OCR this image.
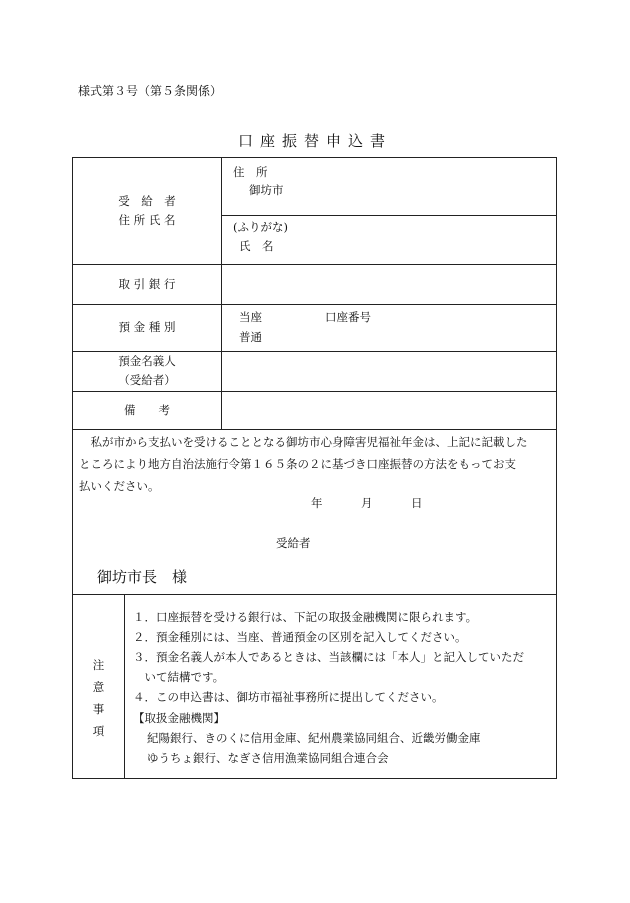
様式第３号（第５条関係）
口座振替申込書
受　給　者
住 所 氏 名
住　所
御坊市
(ふりがな)
氏　名
取 引 銀 行
預 金 種 別
当座
普通
口座番号
預金名義人
（受給者）
備　　考
　私が市から支払いを受けることとなる御坊市心身障害児福祉年金は、上記に記載した
ところにより地方自治法施行令第１６５条の２に基づき口座振替の方法をもってお支
払いください。
年	月	日
受給者
御坊市長　様
注
意
事
項
１．口座振替を受ける銀行は、下記の取扱金融機関に限られます。
２．預金種別には、当座、普通預金の区別を記入してください。
３．預金名義人が本人であるときは、当該欄には「本人」と記入していただ
　いて結構です。
４．この申込書は、御坊市福祉事務所に提出してください。
【取扱金融機関】
紀陽銀行、きのくに信用金庫、紀州農業協同組合、近畿労働金庫
ゆうちょ銀行、なぎさ信用漁業協同組合連合会
